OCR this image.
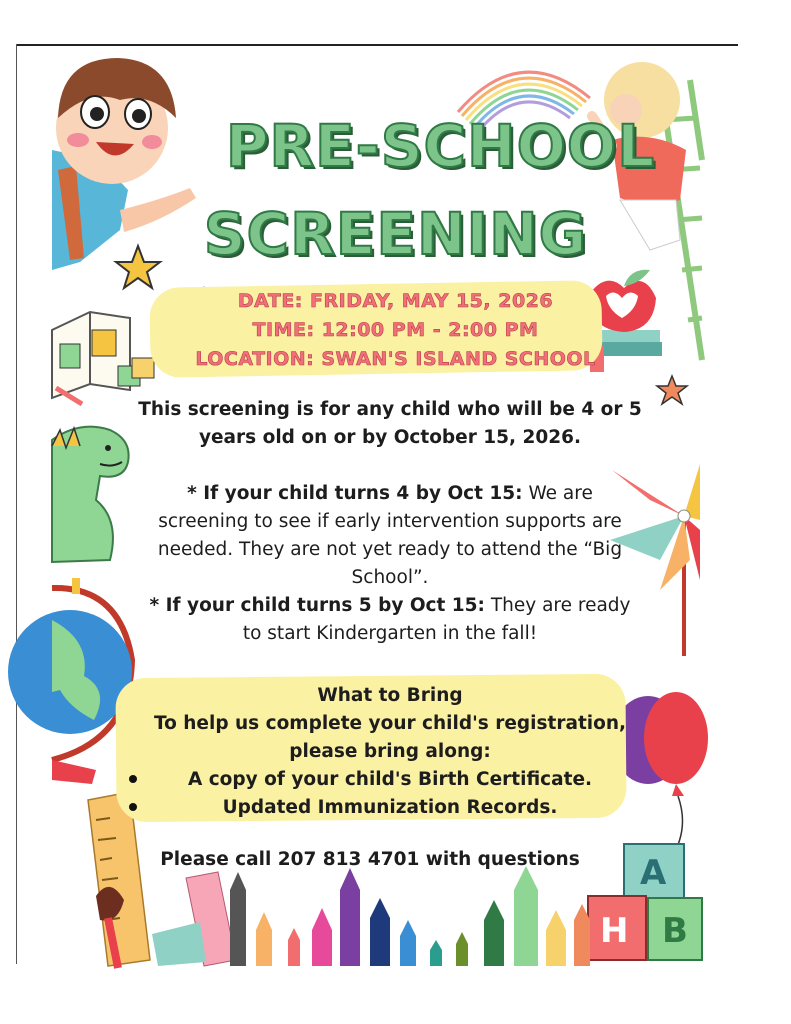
A
H B
PRE-SCHOOL
SCREENING
DATE: FRIDAY, MAY 15, 2026
TIME: 12:00 PM - 2:00 PM
LOCATION: SWAN'S ISLAND SCHOOL
This screening is for any child who will be 4 or 5
years old on or by October 15, 2026.
* If your child turns 4 by Oct 15: We are
screening to see if early intervention supports are
needed. They are not yet ready to attend the “Big
School”.
* If your child turns 5 by Oct 15: They are ready
to start Kindergarten in the fall!
What to Bring
To help us complete your child's registration,
please bring along:
A copy of your child's Birth Certificate.
Updated Immunization Records.
Please call 207 813 4701 with questions
